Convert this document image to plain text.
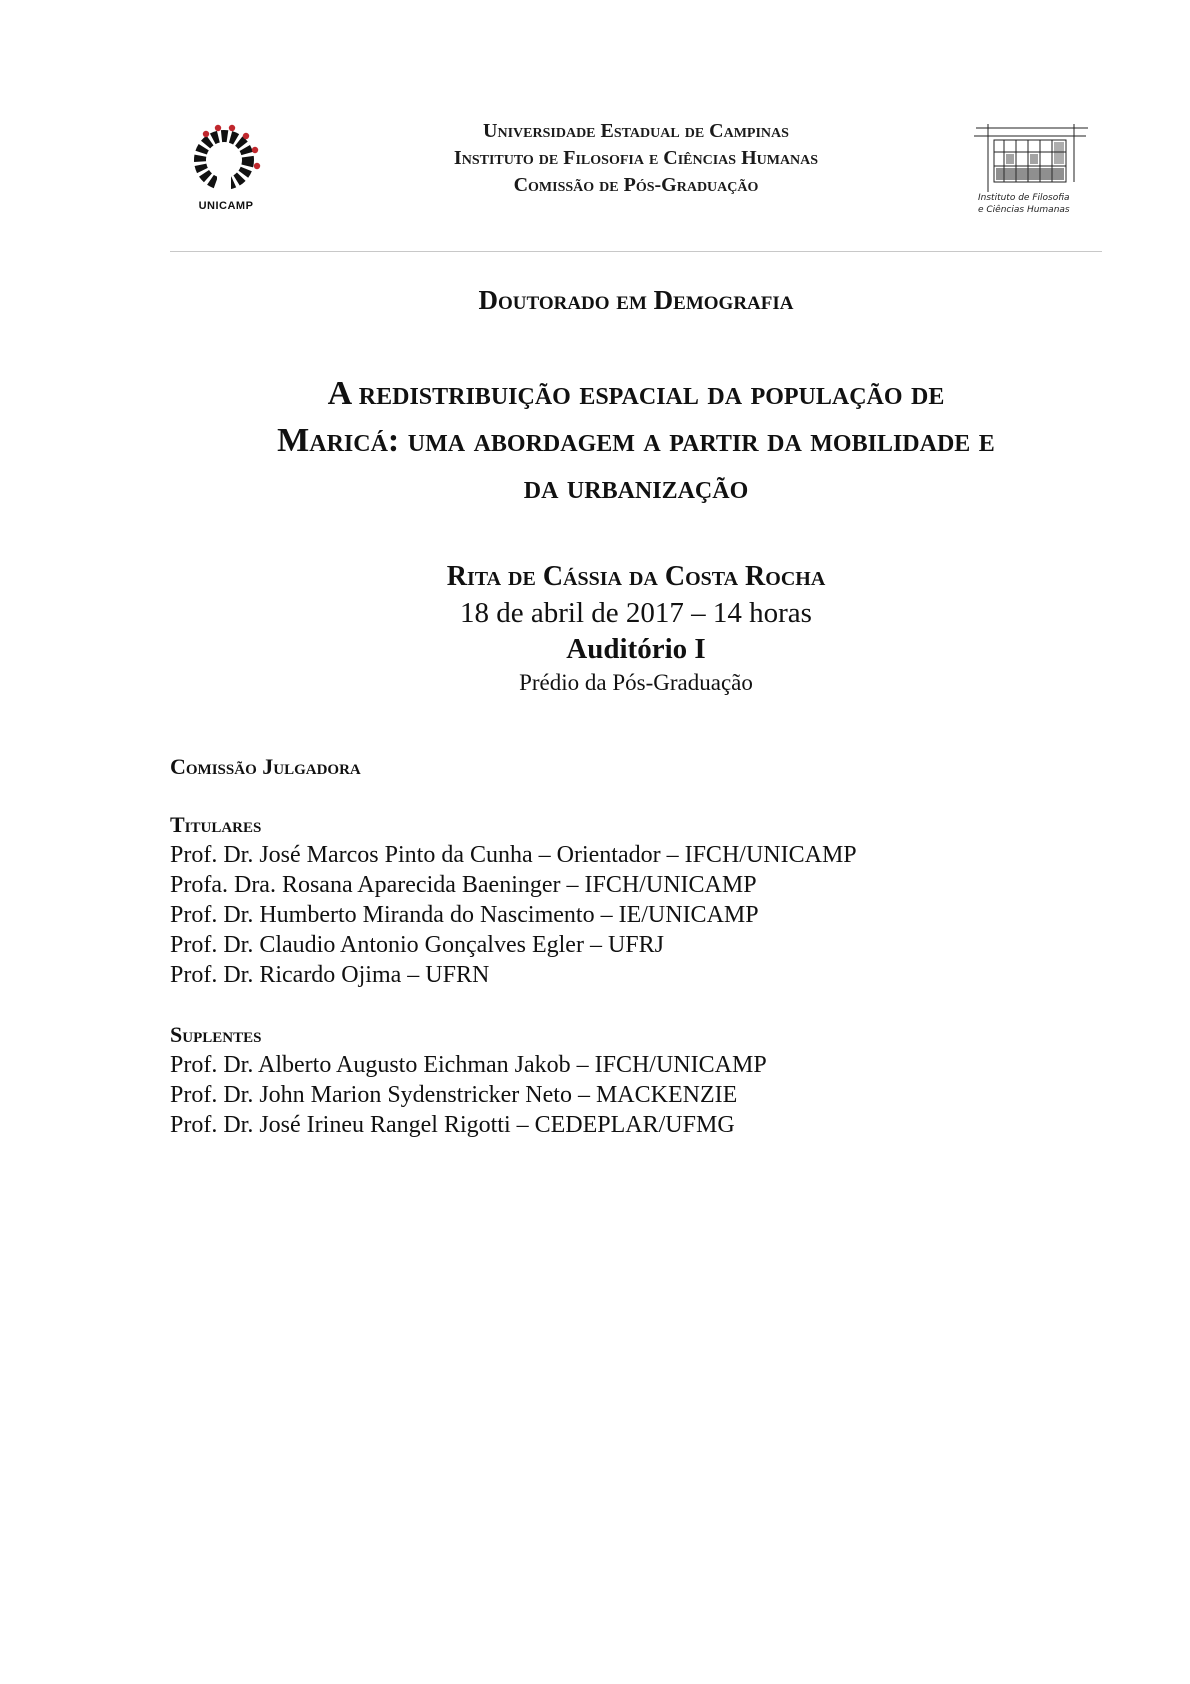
UNICAMP
Universidade Estadual de Campinas
Instituto de Filosofia e Ciências Humanas
Comissão de Pós-Graduação
Instituto de Filosofia
e Ciências Humanas
Doutorado em Demografia
A redistribuição espacial da população de
Maricá: uma abordagem a partir da mobilidade e
da urbanização
Rita de Cássia da Costa Rocha
18 de abril de 2017 – 14 horas
Auditório I
Prédio da Pós-Graduação
Comissão Julgadora
Titulares
Prof. Dr. José Marcos Pinto da Cunha – Orientador – IFCH/UNICAMP
Profa. Dra. Rosana Aparecida Baeninger – IFCH/UNICAMP
Prof. Dr. Humberto Miranda do Nascimento – IE/UNICAMP
Prof. Dr. Claudio Antonio Gonçalves Egler – UFRJ
Prof. Dr. Ricardo Ojima – UFRN
Suplentes
Prof. Dr. Alberto Augusto Eichman Jakob – IFCH/UNICAMP
Prof. Dr. John Marion Sydenstricker Neto – MACKENZIE
Prof. Dr. José Irineu Rangel Rigotti – CEDEPLAR/UFMG
